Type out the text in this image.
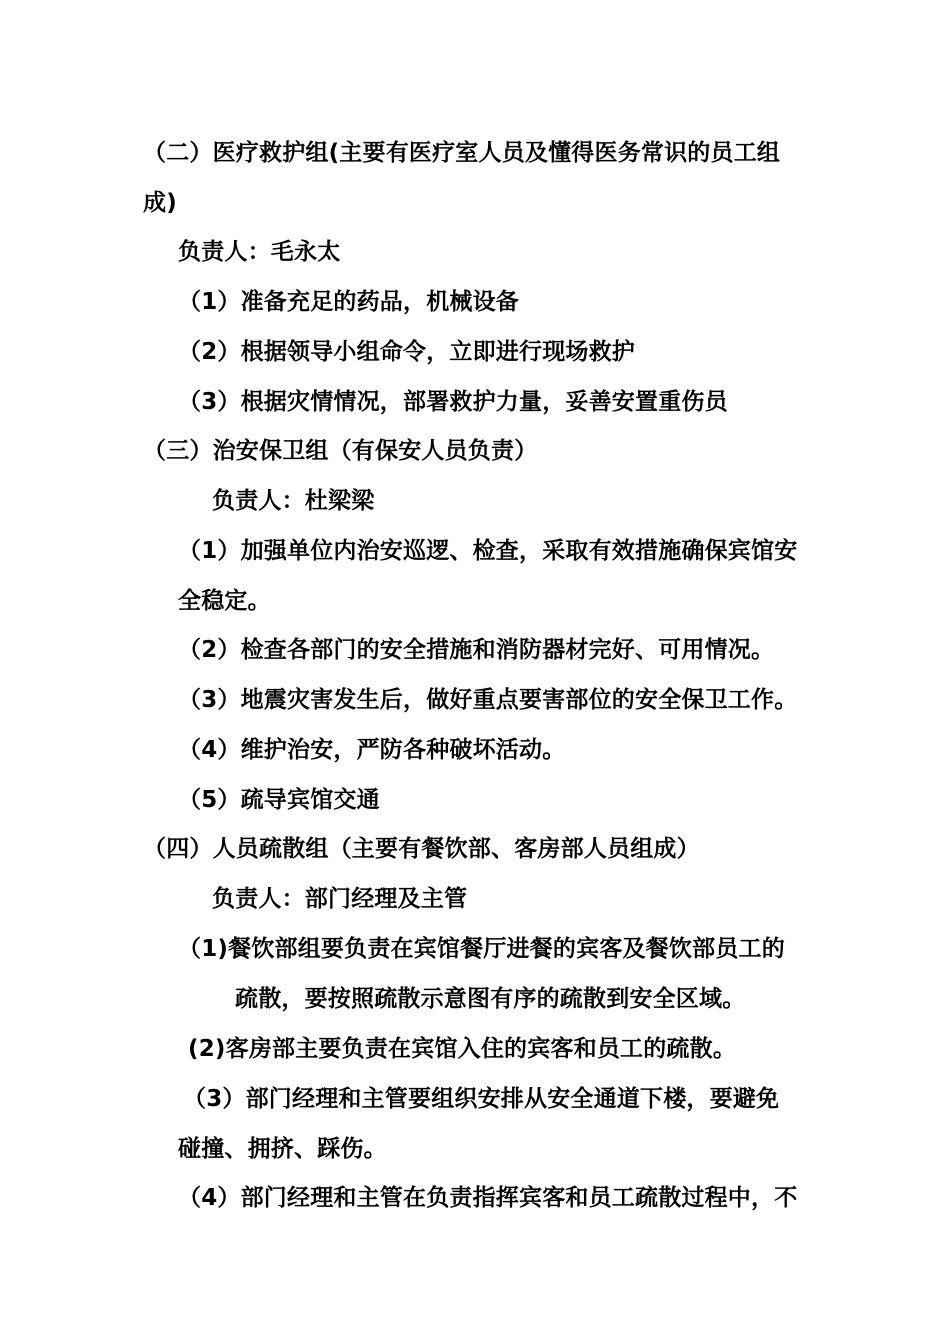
（二）医疗救护组(主要有医疗室人员及懂得医务常识的员工组
成)
负责人：毛永太
（1）准备充足的药品，机械设备
（2）根据领导小组命令，立即进行现场救护
（3）根据灾情情况，部署救护力量，妥善安置重伤员
（三）治安保卫组（有保安人员负责）
负责人：杜梁梁
（1）加强单位内治安巡逻、检查，采取有效措施确保宾馆安
全稳定。
（2）检查各部门的安全措施和消防器材完好、可用情况。
（3）地震灾害发生后，做好重点要害部位的安全保卫工作。
（4）维护治安，严防各种破坏活动。
（5）疏导宾馆交通
（四）人员疏散组（主要有餐饮部、客房部人员组成）
负责人：部门经理及主管
（1)餐饮部组要负责在宾馆餐厅进餐的宾客及餐饮部员工的
疏散，要按照疏散示意图有序的疏散到安全区域。
(2)客房部主要负责在宾馆入住的宾客和员工的疏散。
（3）部门经理和主管要组织安排从安全通道下楼，要避免
碰撞、拥挤、踩伤。
（4）部门经理和主管在负责指挥宾客和员工疏散过程中，不
